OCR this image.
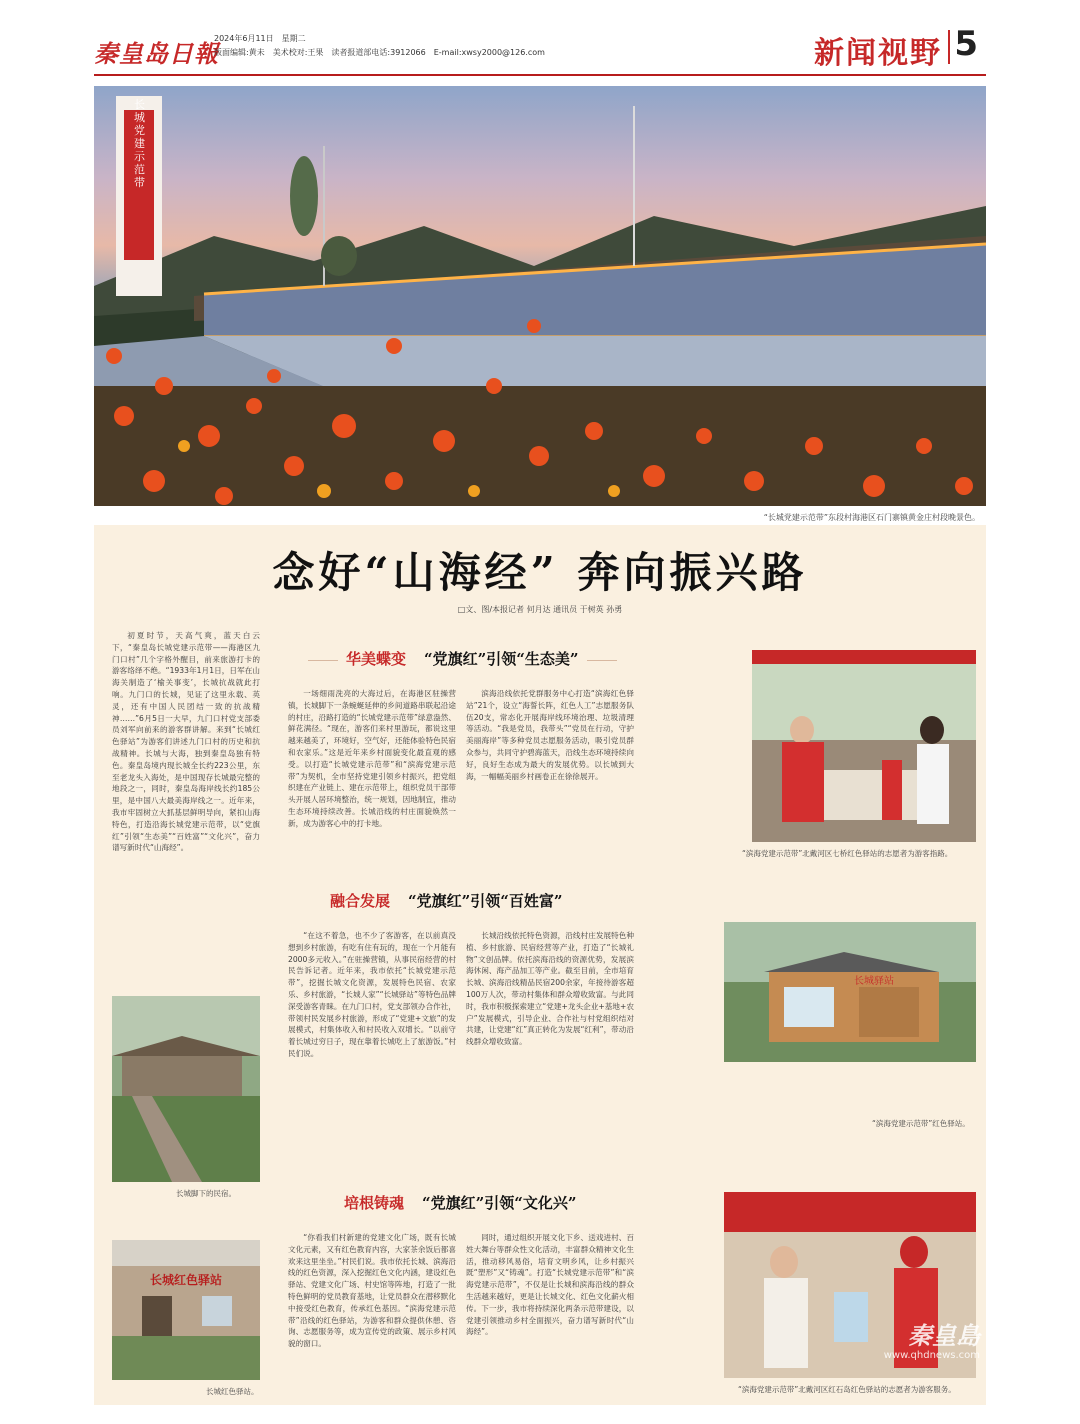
秦皇岛日報
2024年6月11日 星期二
版面编辑:黄未 美术校对:王果 读者报道部电话:3912066 E-mail:xwsy2000@126.com	新闻视野 5
长城党建示范带
“长城党建示范带”东段村海港区石门寨镇黄金庄村段晚景色。
念好“山海经” 奔向振兴路
□文、图/本报记者 何月达 通讯员 于树英 孙勇

初夏时节，天高气爽，蓝天白云下，“秦皇岛长城党建示范带——海港区九门口村”几个字格外醒目，前来旅游打卡的游客络绎不绝。“1933年1月1日，日军在山海关制造了‘榆关事变’，长城抗战就此打响。九门口的长城，见证了这里永载、英灵，还有中国人民团结一致的抗战精神……”6月5日一大早，九门口村党支部委员刘军向前来的游客群讲解。来到“长城红色驿站”为游客们讲述九门口村的历史和抗战精神。长城与大海，独到秦皇岛独有特色。秦皇岛境内现长城全长约223公里，东至老龙头入海处，是中国现存长城最完整的地段之一，同时，秦皇岛海岸线长约185公里，是中国八大最美海岸线之一。近年来，我市牢固树立大抓基层鲜明导向，紧扣山海特色，打造沿海长城党建示范带，以“党旗红”引领“生态美”“百姓富”“文化兴”，奋力谱写新时代“山海经”。

华美蝶变 “党旗红”引领“生态美”

一场细雨洗亮的大海过后，在海港区驻操营镇，长城脚下一条蜿蜒延伸的乡间道路串联起沿途的村庄，沿路打造的“长城党建示范带”绿意盎然、鲜花满径。“现在，游客们来村里游玩，都说这里越来越美了，环境好，空气好，还能体验特色民宿和农家乐。”这是近年来乡村面貌变化最直观的感受。以打造“长城党建示范带”和“滨海党建示范带”为契机，全市坚持党建引领乡村振兴，把党组织建在产业链上、建在示范带上，组织党员干部带头开展人居环境整治，统一规划，因地制宜，推动生态环境持续改善。长城沿线的村庄面貌焕然一新，成为游客心中的打卡地。

滨海沿线依托党群服务中心打造“滨海红色驿站”21个，设立“海誓长阵，红色人工”志愿服务队伍20支，常态化开展海岸线环境治理、垃圾清理等活动。“我是党员，我带头”“党员在行动，守护美丽海岸”等多种党员志愿服务活动，吸引党员群众参与，共同守护碧海蓝天，沿线生态环境持续向好，良好生态成为最大的发展优势。以长城到大海，一幅幅美丽乡村画卷正在徐徐展开。

“滨海党建示范带”北戴河区七桥红色驿站的志愿者为游客指路。
融合发展 “党旗红”引领“百姓富”

“在这不着急，也不少了客游客，在以前真没想到乡村旅游，有吃有住有玩的，现在一个月能有2000多元收入。”在驻操营镇，从事民宿经营的村民告诉记者。近年来，我市依托“长城党建示范带”，挖掘长城文化资源，发展特色民宿、农家乐、乡村旅游，“长城人家”“长城驿站”等特色品牌深受游客青睐。在九门口村，党支部领办合作社，带领村民发展乡村旅游，形成了“党建+文旅”的发展模式，村集体收入和村民收入双增长。“以前守着长城过穷日子，现在靠着长城吃上了旅游饭。”村民们说。

长城沿线依托特色资源，沿线村庄发展特色种植、乡村旅游、民宿经营等产业，打造了“长城礼物”文创品牌。依托滨海沿线的资源优势，发展滨海休闲、海产品加工等产业。截至目前，全市培育长城、滨海沿线精品民宿200余家，年接待游客超100万人次，带动村集体和群众增收致富。与此同时，我市积极探索建立“党建+龙头企业+基地+农户”发展模式，引导企业、合作社与村党组织结对共建，让党建“红”真正转化为发展“红利”，带动沿线群众增收致富。

长城驿站
“滨海党建示范带”红色驿站。
长城脚下的民宿。
培根铸魂 “党旗红”引领“文化兴”

“你看我们村新建的党建文化广场，既有长城文化元素，又有红色教育内容，大家茶余饭后都喜欢来这里坐坐。”村民们说。我市依托长城、滨海沿线的红色资源，深入挖掘红色文化内涵，建设红色驿站、党建文化广场、村史馆等阵地，打造了一批特色鲜明的党员教育基地，让党员群众在潜移默化中接受红色教育，传承红色基因。“滨海党建示范带”沿线的红色驿站，为游客和群众提供休憩、咨询、志愿服务等，成为宣传党的政策、展示乡村风貌的窗口。

同时，通过组织开展文化下乡、送戏进村、百姓大舞台等群众性文化活动，丰富群众精神文化生活，推动移风易俗，培育文明乡风，让乡村振兴既“塑形”又“铸魂”。打造“长城党建示范带”和“滨海党建示范带”，不仅是让长城和滨海沿线的群众生活越来越好，更是让长城文化、红色文化薪火相传。下一步，我市将持续深化两条示范带建设，以党建引领推动乡村全面振兴，奋力谱写新时代“山海经”。

长城红色驿站
长城红色驿站。
秦皇島
www.qhdnews.com
“滨海党建示范带”北戴河区红石岛红色驿站的志愿者为游客服务。
